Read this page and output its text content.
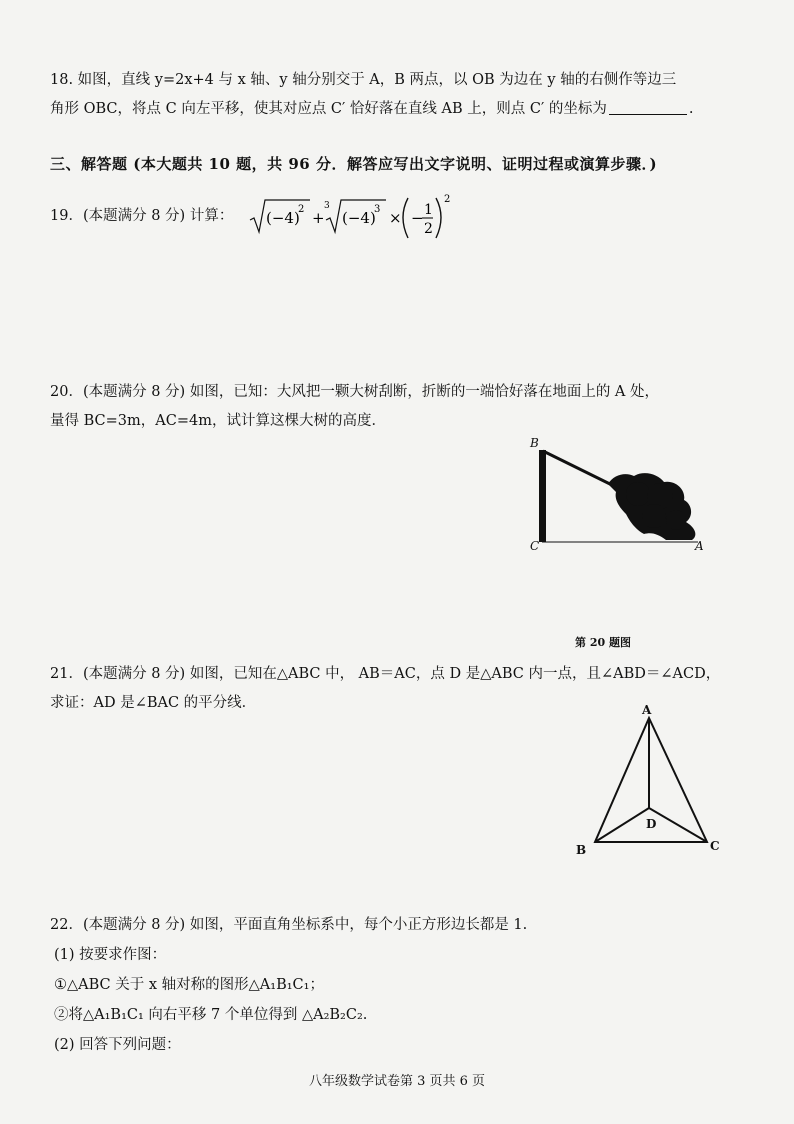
18. 如图，直线 y=2x+4 与 x 轴、y 轴分别交于 A，B 两点，以 OB 为边在 y 轴的右侧作等边三
角形 OBC，将点 C 向左平移，使其对应点 C′ 恰好落在直线 AB 上，则点 C′ 的坐标为	.
三、解答题 (本大题共 10 题，共 96 分．解答应写出文字说明、证明过程或演算步骤．)
19．(本题满分 8 分) 计算： (−4)
2 +
3
(−4)
3 × − 1
2
2
20．(本题满分 8 分) 如图，已知：大风把一颗大树刮断，折断的一端恰好落在地面上的 A 处，
量得 BC=3m，AC=4m，试计算这棵大树的高度．
B
C	A
第 20 题图
21．(本题满分 8 分) 如图，已知在△ABC 中， AB＝AC，点 D 是△ABC 内一点，且∠ABD＝∠ACD，
求证：AD 是∠BAC 的平分线．	A
B	C
D
22．(本题满分 8 分) 如图，平面直角坐标系中，每个小正方形边长都是 1.
(1) 按要求作图：
①△ABC 关于 x 轴对称的图形△A₁B₁C₁；
②将△A₁B₁C₁ 向右平移 7 个单位得到 △A₂B₂C₂.
(2) 回答下列问题：
八年级数学试卷第 3 页共 6 页
